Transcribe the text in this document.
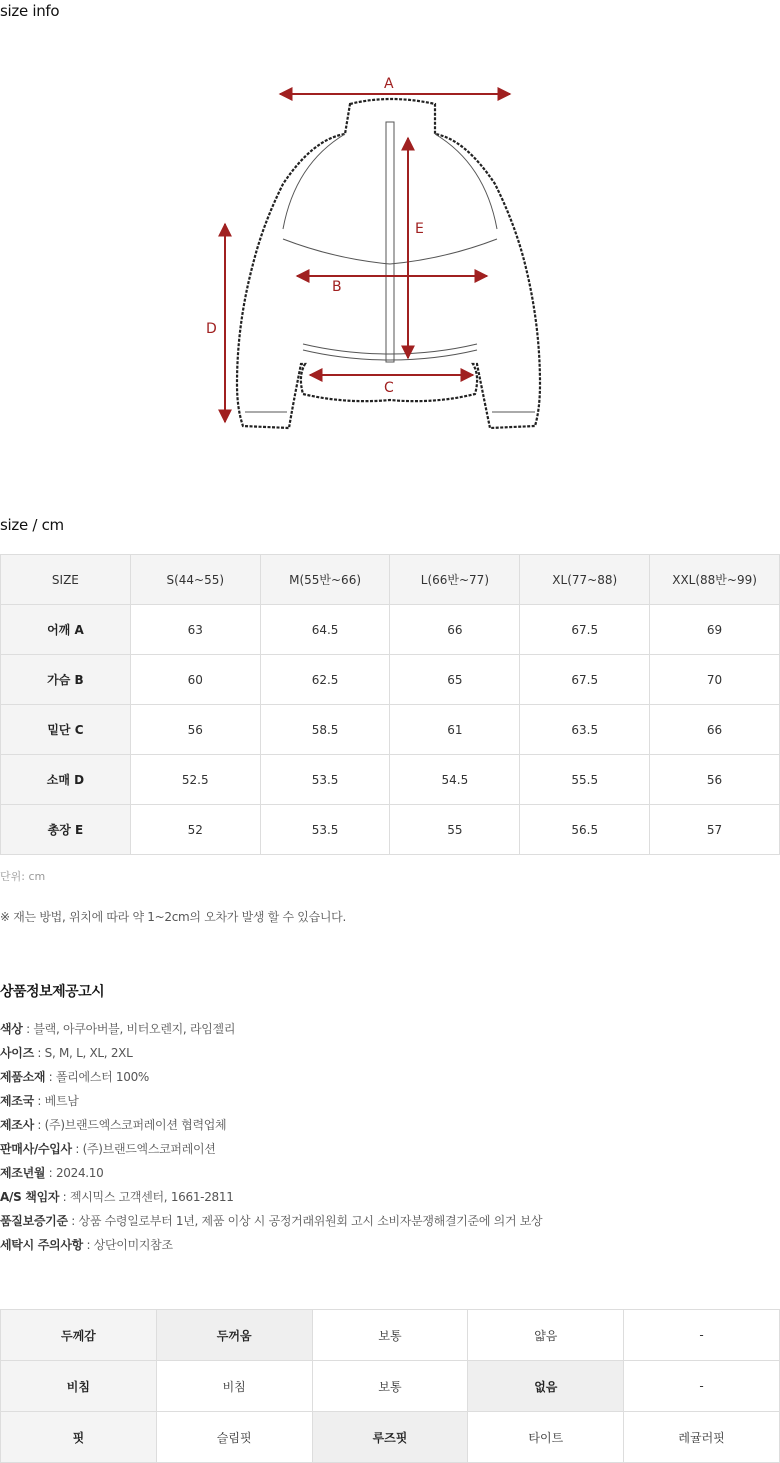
size info
A
B
C
D
E
size / cm
SIZE	S(44~55)	M(55반~66)	L(66반~77)	XL(77~88)	XXL(88반~99)
어깨 A	63	64.5	66	67.5	69
가슴 B	60	62.5	65	67.5	70
밑단 C	56	58.5	61	63.5	66
소매 D	52.5	53.5	54.5	55.5	56
총장 E	52	53.5	55	56.5	57
단위: cm
※ 재는 방법, 위치에 따라 약 1~2cm의 오차가 발생 할 수 있습니다.
상품정보제공고시
색상 : 블랙, 아쿠아버블, 비터오렌지, 라임젤리
사이즈 : S, M, L, XL, 2XL
제품소재 : 폴리에스터 100%
제조국 : 베트남
제조사 : (주)브랜드엑스코퍼레이션 협력업체
판매사/수입사 : (주)브랜드엑스코퍼레이션
제조년월 : 2024.10
A/S 책임자 : 젝시믹스 고객센터, 1661-2811
품질보증기준 : 상품 수령일로부터 1년, 제품 이상 시 공정거래위원회 고시 소비자분쟁해결기준에 의거 보상
세탁시 주의사항 : 상단이미지참조
두께감	두꺼움	보통	얇음	-
비침	비침	보통	없음	-
핏	슬림핏	루즈핏	타이트	레귤러핏
